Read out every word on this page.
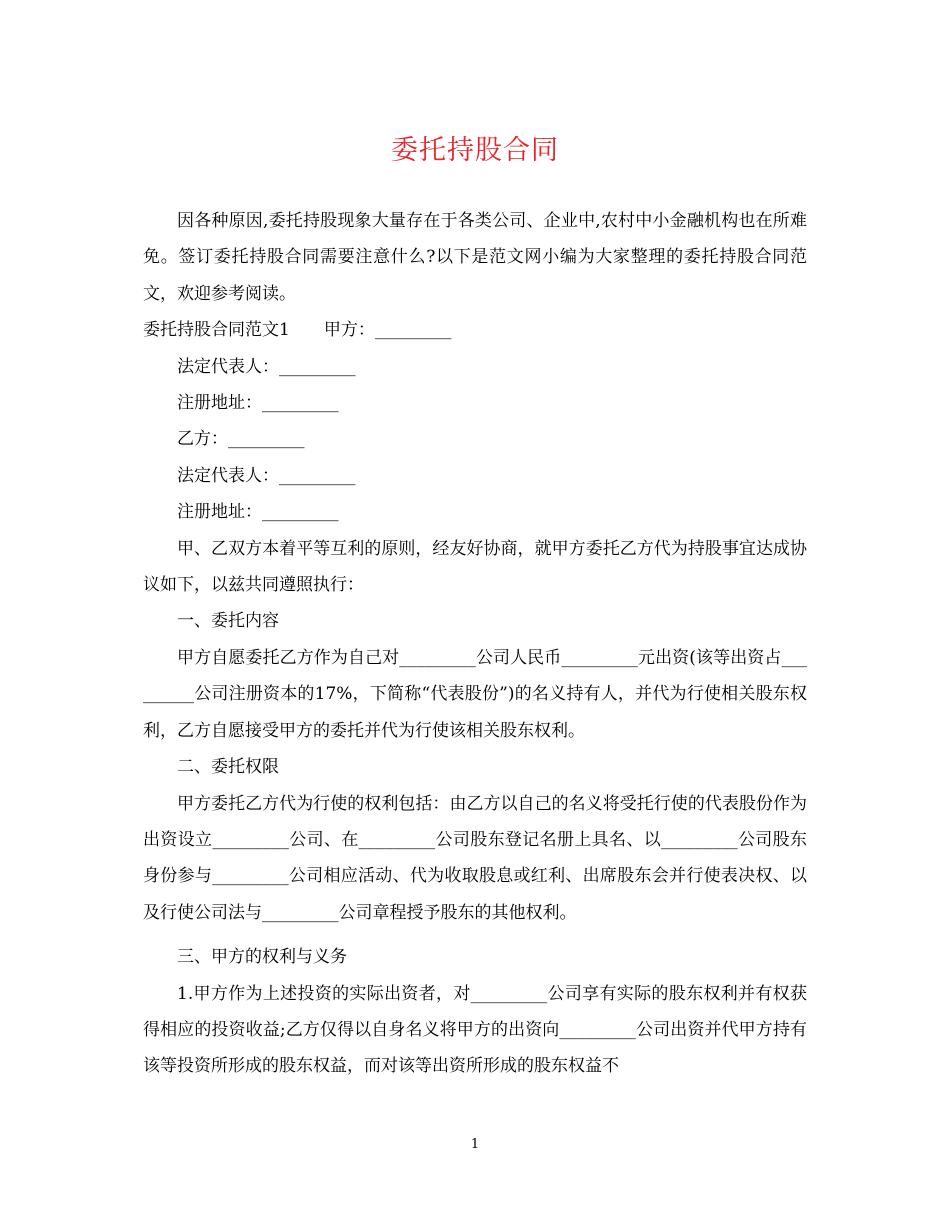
委托持股合同

因各种原因,委托持股现象大量存在于各类公司、企业中,农村中小金融机构也在所难免。签订委托持股合同需要注意什么?以下是范文网小编为大家整理的委托持股合同范文，欢迎参考阅读。

委托持股合同范文1　　甲方：_________

法定代表人：_________

注册地址：_________

乙方：_________

法定代表人：_________

注册地址：_________

甲、乙双方本着平等互利的原则，经友好协商，就甲方委托乙方代为持股事宜达成协议如下，以兹共同遵照执行：

一、委托内容

甲方自愿委托乙方作为自己对_________公司人民币_________元出资(该等出资占_________公司注册资本的17%，下简称“代表股份”)的名义持有人，并代为行使相关股东权利，乙方自愿接受甲方的委托并代为行使该相关股东权利。

二、委托权限

甲方委托乙方代为行使的权利包括：由乙方以自己的名义将受托行使的代表股份作为出资设立_________公司、在_________公司股东登记名册上具名、以_________公司股东身份参与_________公司相应活动、代为收取股息或红利、出席股东会并行使表决权、以及行使公司法与_________公司章程授予股东的其他权利。

三、甲方的权利与义务

1.甲方作为上述投资的实际出资者，对_________公司享有实际的股东权利并有权获得相应的投资收益;乙方仅得以自身名义将甲方的出资向_________公司出资并代甲方持有该等投资所形成的股东权益，而对该等出资所形成的股东权益不

1
